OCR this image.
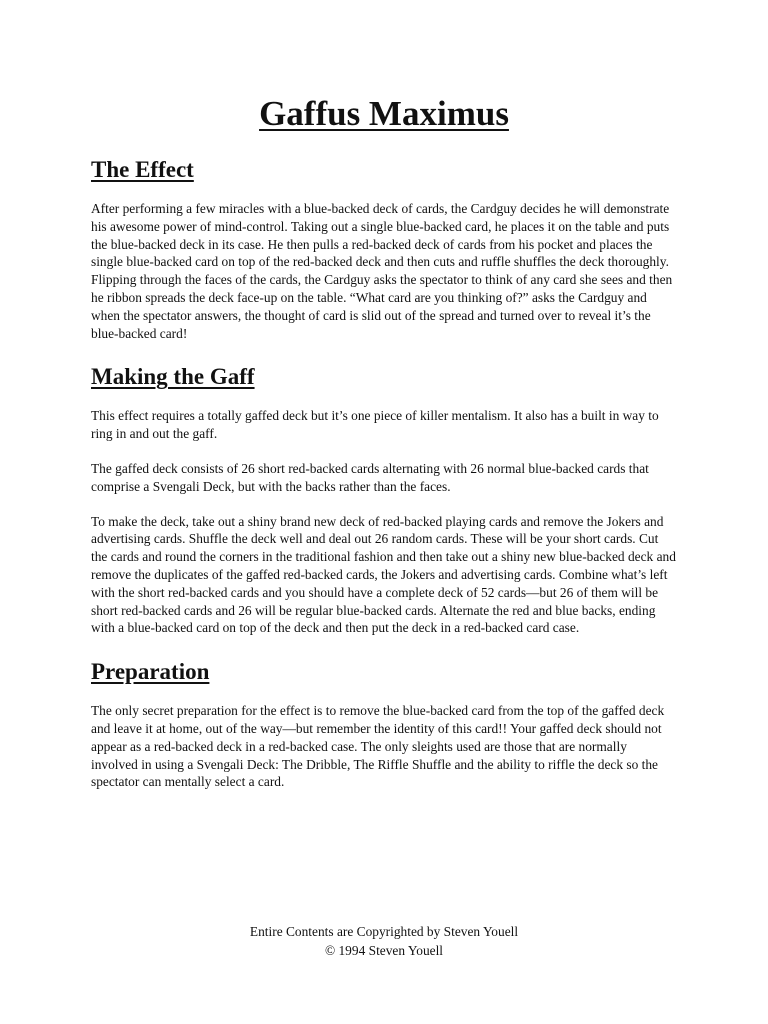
Gaffus Maximus
The Effect

After performing a few miracles with a blue-backed deck of cards, the Cardguy decides he will demonstrate his awesome power of mind-control. Taking out a single blue-backed card, he places it on the table and puts the blue-backed deck in its case. He then pulls a red-backed deck of cards from his pocket and places the single blue-backed card on top of the red-backed deck and then cuts and ruffle shuffles the deck thoroughly. Flipping through the faces of the cards, the Cardguy asks the spectator to think of any card she sees and then he ribbon spreads the deck face-up on the table. “What card are you thinking of?” asks the Cardguy and when the spectator answers, the thought of card is slid out of the spread and turned over to reveal it’s the blue-backed card!

Making the Gaff

This effect requires a totally gaffed deck but it’s one piece of killer mentalism. It also has a built in way to ring in and out the gaff.

The gaffed deck consists of 26 short red-backed cards alternating with 26 normal blue-backed cards that comprise a Svengali Deck, but with the backs rather than the faces.

To make the deck, take out a shiny brand new deck of red-backed playing cards and remove the Jokers and advertising cards. Shuffle the deck well and deal out 26 random cards. These will be your short cards. Cut the cards and round the corners in the traditional fashion and then take out a shiny new blue-backed deck and remove the duplicates of the gaffed red-backed cards, the Jokers and advertising cards. Combine what’s left with the short red-backed cards and you should have a complete deck of 52 cards—but 26 of them will be short red-backed cards and 26 will be regular blue-backed cards. Alternate the red and blue backs, ending with a blue-backed card on top of the deck and then put the deck in a red-backed card case.

Preparation

The only secret preparation for the effect is to remove the blue-backed card from the top of the gaffed deck and leave it at home, out of the way—but remember the identity of this card!! Your gaffed deck should not appear as a red-backed deck in a red-backed case. The only sleights used are those that are normally involved in using a Svengali Deck: The Dribble, The Riffle Shuffle and the ability to riffle the deck so the spectator can mentally select a card.

Entire Contents are Copyrighted by Steven Youell
© 1994 Steven Youell
